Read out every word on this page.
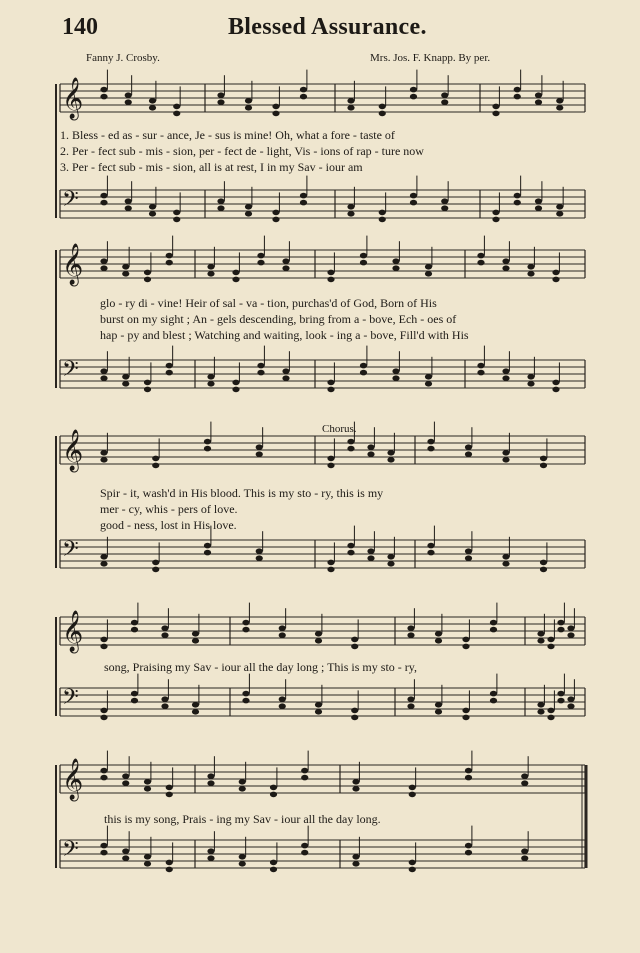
140	Blessed Assurance.
Fanny J. Crosby.	Mrs. Jos. F. Knapp. By per.
𝄞
𝄢
𝄞
𝄢
𝄞
𝄢
𝄞
𝄢
𝄞
𝄢
Chorus.
1. Bless - ed as - sur - ance, Je - sus is mine! Oh, what a fore - taste of
2. Per - fect sub - mis - sion, per - fect de - light, Vis - ions of rap - ture now
3. Per - fect sub - mis - sion, all is at rest, I in my Sav - iour am
glo - ry di - vine! Heir of sal - va - tion, purchas'd of God, Born of His
burst on my sight ; An - gels descending, bring from a - bove, Ech - oes of
hap - py and blest ; Watching and waiting, look - ing a - bove, Fill'd with His
Spir - it, wash'd in His blood. This is my sto - ry, this is my
mer - cy, whis - pers of love.
good - ness, lost in His love.
song, Praising my Sav - iour all the day long ; This is my sto - ry,
this is my song, Prais - ing my Sav - iour all the day long.
